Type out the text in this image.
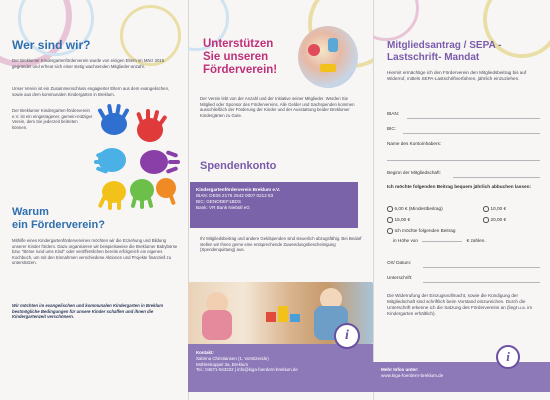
Wer sind wir?
Der Breklumer Kindergartenförderverein wurde von einigen Eltern im März 2015 gegründet und erfreut sich einer stetig wachsenden Mitglieder-anzahl.
Unser Verein ist ein Zusammenschluss engagierter Eltern aus dem evangelischen, sowie aus dem kommunalen Kindergarten in Breklum.
Der Breklumer Kindergarten-förderverein e.V. ist ein eingetragener, gemein-nütziger Verein, dem Sie jederzeit beitreten können.
Warum
ein Förderverein?
Mithilfe eines Kindergartenfördervereines möchten wir die Erziehung und Bildung unserer Kinder fördern. Dazu organisieren wir beispielsweise die Breklumer Babybörse bzw. "Börse rund ums Kind" oder veröffentlichen bereits erfolgreich ein eigenes Kochbuch, um mit den Einnahmen verschiedene Aktionen und Projekte finanziell zu unterstützen.
Wir möchten im evangelischen und kommunalen Kindergarten in Breklum bestmögliche Bedingungen für unsere Kinder schaffen und ihnen die Kindergartenzeit verschönern.
Unterstützen
Sie unseren
Förderverein!
Der Verein lebt von der Anzahl und der Initiative seiner Mitglieder. Werden Sie Mitglied oder Sponsor des Fördervereins. Alle Gelder und Sachspenden kommen ausschließlich der Förderung der Kinder und der Ausstattung beider Breklumer Kindergärten zu Gute.
Spendenkonto
Kindergartenförderverein Breklum e.V.
IBAN: DE06 2176 2542 0007 0212 83
BIC: GENODEF1BDS
Bank: VR Bank Niebüll eG
Ihr Mitgliedsbeitrag und andere Geldspenden sind steuerlich abzugsfähig. Bei Bedarf stellen wir Ihnen gerne eine entsprechende Zuwendungsbescheinigung (Spendenquittung) aus.
Kontakt:
Sabrina Christiansen (1. Vorsitzende)
Mühlenkoppel 3a, Breklum
Tel.: 04671-943222 | info@kiga-foerdern-breklum.de
i
Mitgliedsantrag / SEPA -
Lastschrift- Mandat
Hiermit ermächtige ich den Förderverein den Mitgliedsbeitrag bis auf Widerruf, mittels SEPA-Lastschriftverfahren, jährlich einzuziehen.
IBAN:
BIC:
Name des Kontoinhabers:
Beginn der Mitgliedschaft:
Ich möchte folgenden Beitrag bequem jährlich abbuchen lassen:
6,00 € (Mindestbeitrag)	10,00 €
15,00 €	20,00 €
Ich möchte folgenden Beitrag
in Höhe von	€ zahlen.
Ort/ Datum:
Unterschrift:
Die Widerrufung der Einzugsvollmacht, sowie die Kündigung der Mitgliedschaft sind schriftlich beim Vorstand einzureichen. Durch die Unterschrift erkenne ich die Satzung des Fördervereins an (liegt u.a. im Kindergarten erhältlich).
Mehr Infos unter:
www.kiga-foerdern-breklum.de
i
